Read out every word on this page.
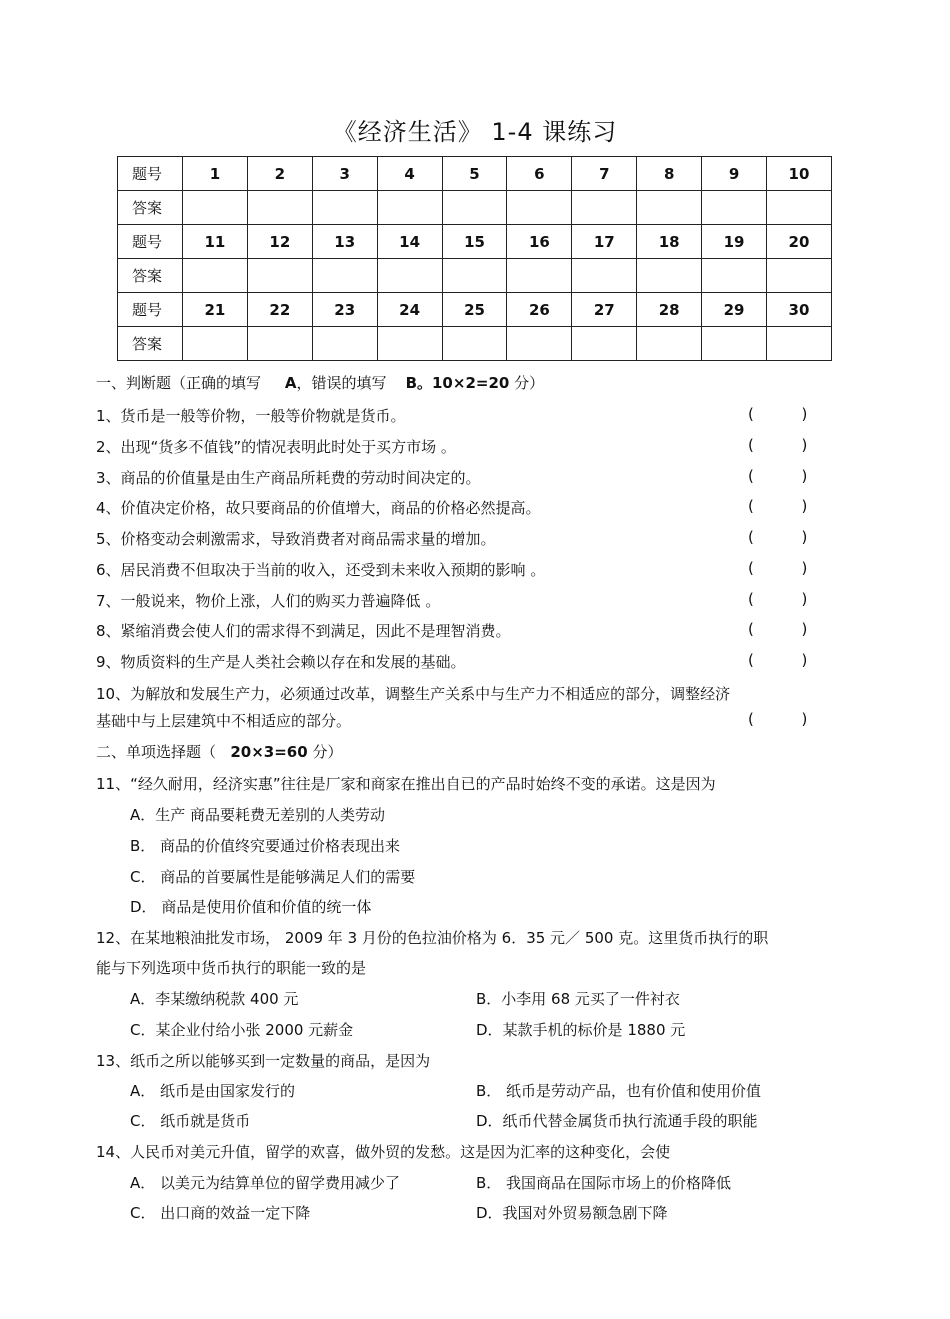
《经济生活》 1-4 课练习
题号	1	2	3	4	5	6	7	8	9	10
答案										
题号	11	12	13	14	15	16	17	18	19	20
答案										
题号	21	22	23	24	25	26	27	28	29	30
答案										
一、判断题（正确的填写 A，错误的填写 B。10×2=20 分）
1、货币是一般等价物，一般等价物就是货币。	(          )
2、出现“货多不值钱”的情况表明此时处于买方市场 。	(          )
3、商品的价值量是由生产商品所耗费的劳动时间决定的。	(          )
4、价值决定价格，故只要商品的价值增大，商品的价格必然提高。	(          )
5、价格变动会刺激需求，导致消费者对商品需求量的增加。	(          )
6、居民消费不但取决于当前的收入，还受到未来收入预期的影响 。	(          )
7、一般说来，物价上涨，人们的购买力普遍降低 。	(          )
8、紧缩消费会使人们的需求得不到满足，因此不是理智消费。	(          )
9、物质资料的生产是人类社会赖以存在和发展的基础。	(          )
10、为解放和发展生产力，必须通过改革，调整生产关系中与生产力不相适应的部分，调整经济
基础中与上层建筑中不相适应的部分。	(          )
二、单项选择题（ 20×3=60 分）
11、“经久耐用，经济实惠”往往是厂家和商家在推出自已的产品时始终不变的承诺。这是因为
A．生产 商品要耗费无差别的人类劳动
B． 商品的价值终究要通过价格表现出来
C． 商品的首要属性是能够满足人们的需要
D． 商品是使用价值和价值的统一体
12、在某地粮油批发市场， 2009 年 3 月份的色拉油价格为 6．35 元／ 500 克。这里货币执行的职
能与下列选项中货币执行的职能一致的是
A．李某缴纳税款 400 元	B．小李用 68 元买了一件衬衣
C．某企业付给小张 2000 元薪金	D．某款手机的标价是 1880 元
13、纸币之所以能够买到一定数量的商品，是因为
A． 纸币是由国家发行的	B． 纸币是劳动产品，也有价值和使用价值
C． 纸币就是货币	D．纸币代替金属货币执行流通手段的职能
14、人民币对美元升值，留学的欢喜，做外贸的发愁。这是因为汇率的这种变化，会使
A． 以美元为结算单位的留学费用减少了	B． 我国商品在国际市场上的价格降低
C． 出口商的效益一定下降	D．我国对外贸易额急剧下降
